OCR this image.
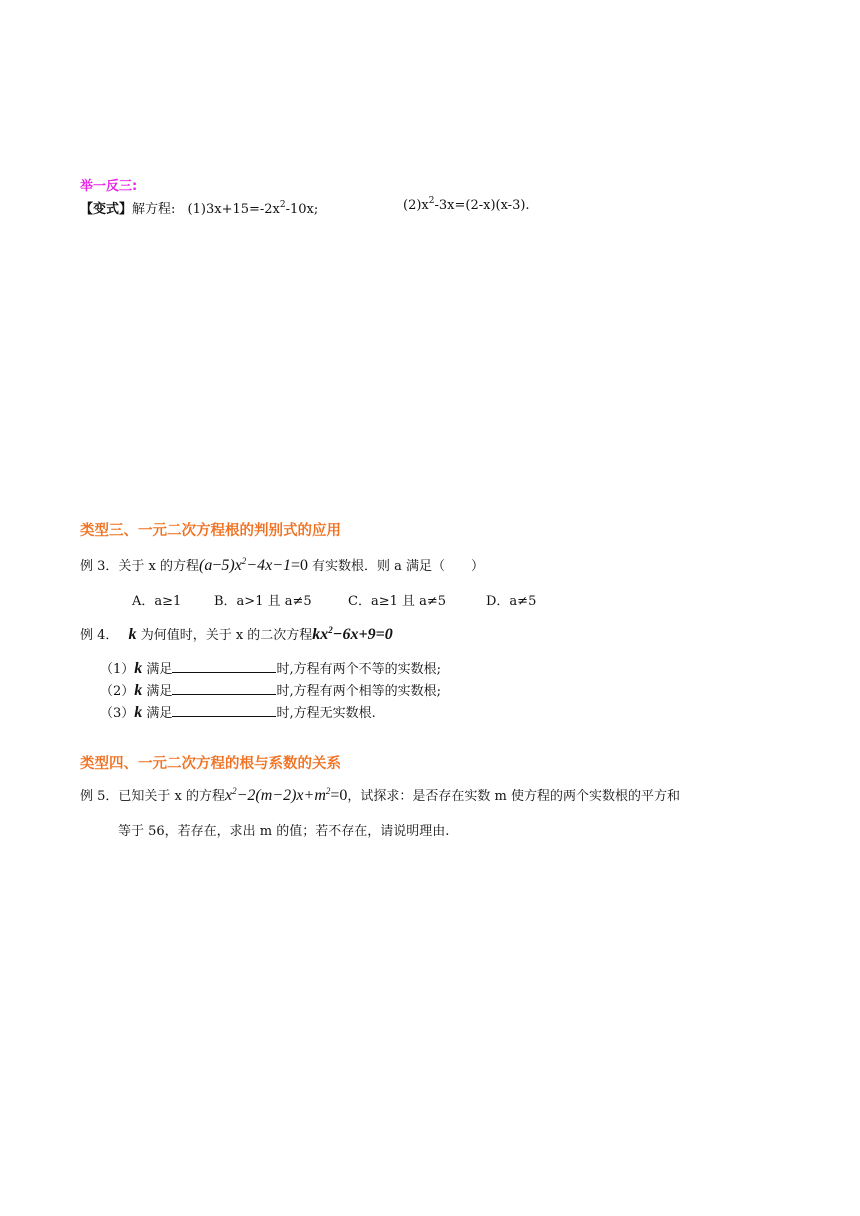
举一反三:
【变式】解方程: $(1)3x+15=-2x^2-10x$;	$(2)x^2-3x=(2-x)(x-3)$.
类型三、一元二次方程根的判别式的应用
例 3．关于 x 的方程$(a-5)x^2-4x-1=0$ 有实数根．则 a 满足（　　）
A．a≥1	B．a>1 且 a≠5	C．a≥1 且 a≠5	D．a≠5
例 4． k 为何值时，关于 x 的二次方程$kx^2-6x+9=0$
（1）k 满足	时,方程有两个不等的实数根;
（2）k 满足	时,方程有两个相等的实数根;
（3）k 满足	时,方程无实数根.
类型四、一元二次方程的根与系数的关系
例 5．已知关于 x 的方程$x^2-2(m-2)x+m^2=0$，试探求：是否存在实数 m 使方程的两个实数根的平方和
等于 56，若存在，求出 m 的值；若不存在，请说明理由.
